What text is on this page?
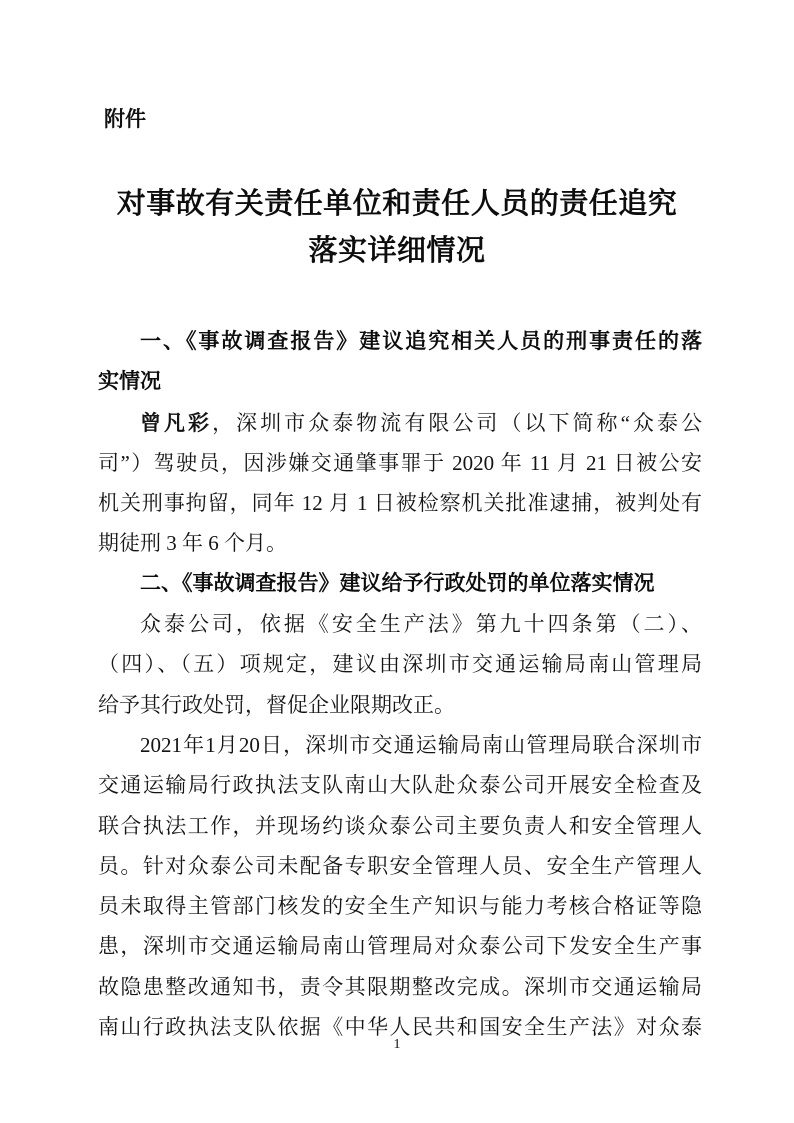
附件
对事故有关责任单位和责任人员的责任追究
落实详细情况
一、《事故调查报告》建议追究相关人员的刑事责任的落
实情况
曾凡彩，深圳市众泰物流有限公司（以下简称“众泰公
司”）驾驶员，因涉嫌交通肇事罪于 2020 年 11 月 21 日被公安
机关刑事拘留，同年 12 月 1 日被检察机关批准逮捕，被判处有
期徒刑 3 年 6 个月。
二、《事故调查报告》建议给予行政处罚的单位落实情况
众泰公司，依据《安全生产法》第九十四条第（二）、
（四）、（五）项规定，建议由深圳市交通运输局南山管理局
给予其行政处罚，督促企业限期改正。
2021年1月20日，深圳市交通运输局南山管理局联合深圳市
交通运输局行政执法支队南山大队赴众泰公司开展安全检查及
联合执法工作，并现场约谈众泰公司主要负责人和安全管理人
员。针对众泰公司未配备专职安全管理人员、安全生产管理人
员未取得主管部门核发的安全生产知识与能力考核合格证等隐
患，深圳市交通运输局南山管理局对众泰公司下发安全生产事
故隐患整改通知书，责令其限期整改完成。深圳市交通运输局
南山行政执法支队依据《中华人民共和国安全生产法》对众泰
1
